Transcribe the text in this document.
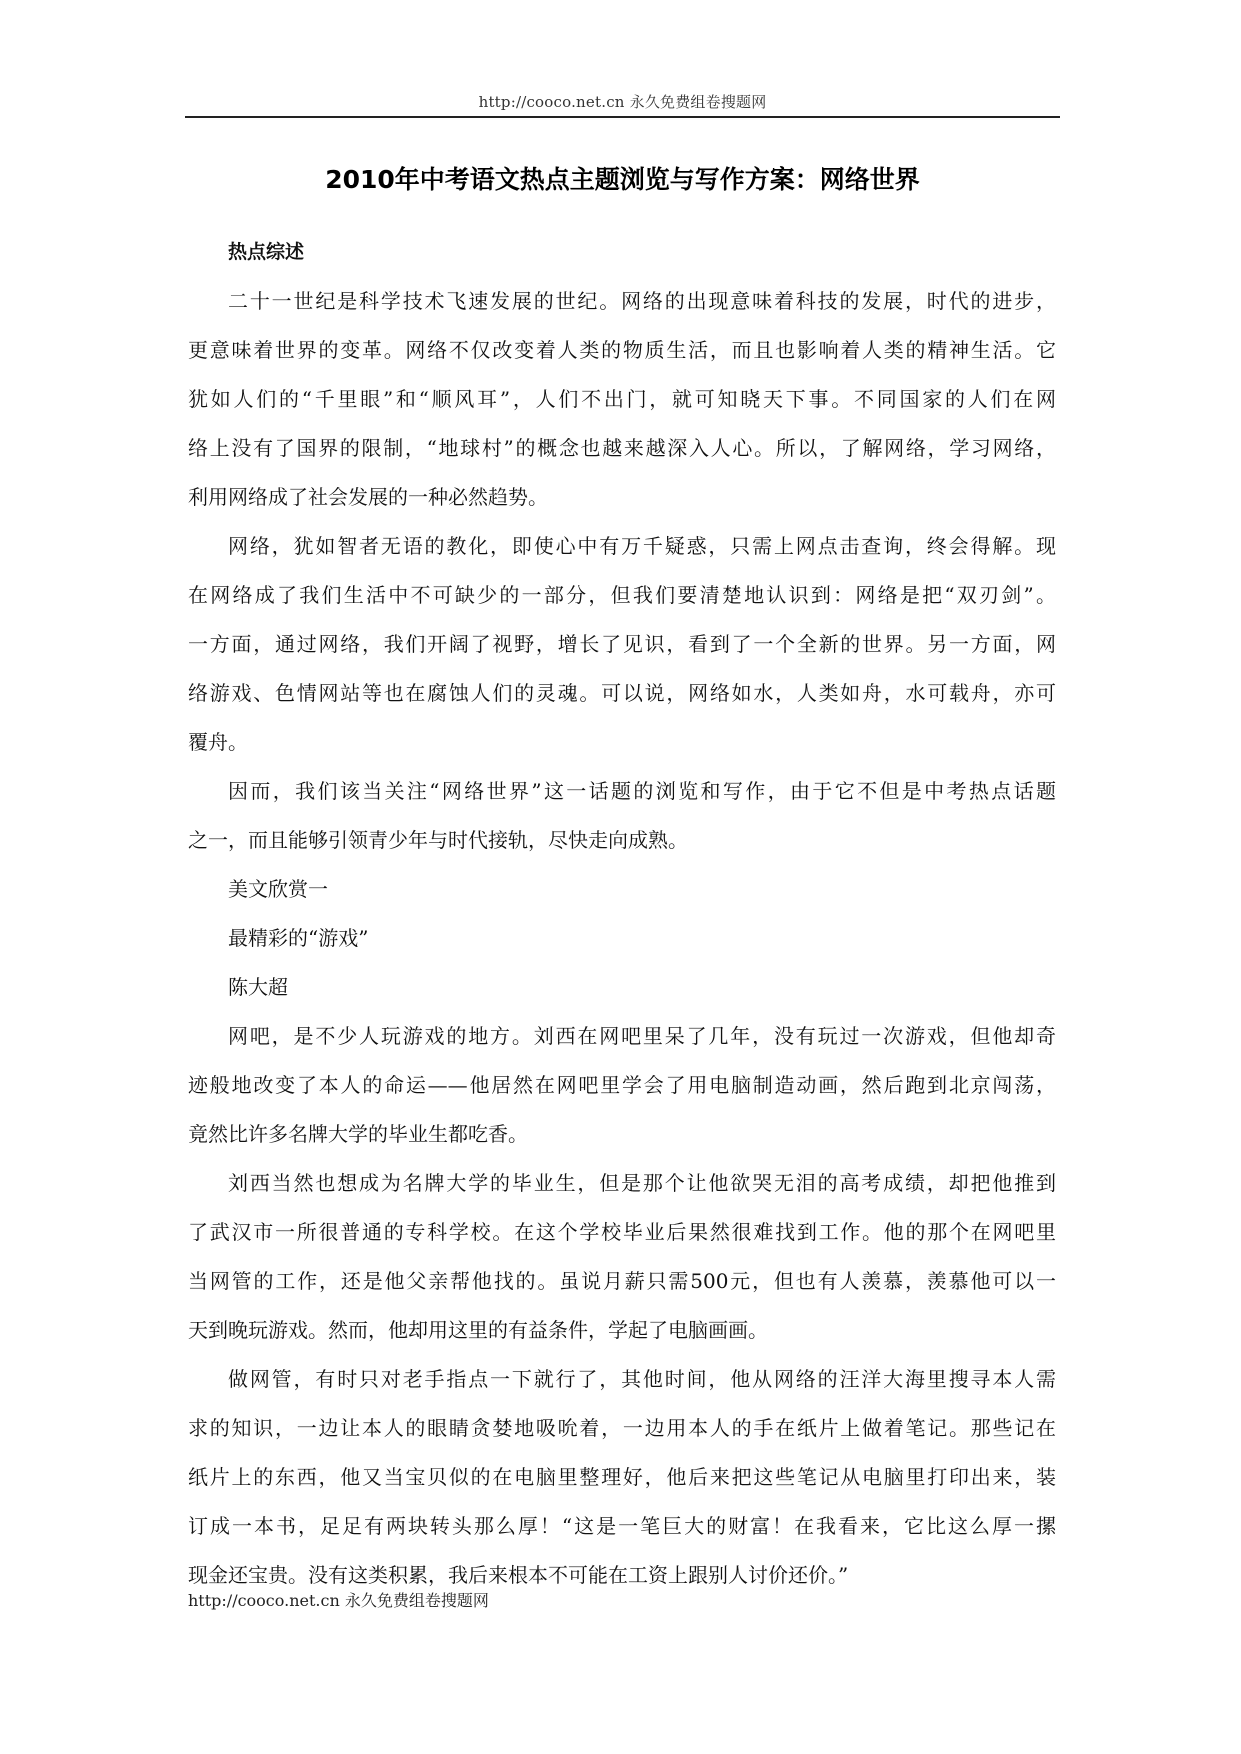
http://cooco.net.cn 永久免费组卷搜题网
2010年中考语文热点主题浏览与写作方案：网络世界
热点综述
二十一世纪是科学技术飞速发展的世纪。网络的出现意味着科技的发展，时代的进步，
更意味着世界的变革。网络不仅改变着人类的物质生活，而且也影响着人类的精神生活。它
犹如人们的“千里眼”和“顺风耳”，人们不出门，就可知晓天下事。不同国家的人们在网
络上没有了国界的限制，“地球村”的概念也越来越深入人心。所以，了解网络，学习网络，
利用网络成了社会发展的一种必然趋势。
网络，犹如智者无语的教化，即使心中有万千疑惑，只需上网点击查询，终会得解。现
在网络成了我们生活中不可缺少的一部分，但我们要清楚地认识到：网络是把“双刃剑”。
一方面，通过网络，我们开阔了视野，增长了见识，看到了一个全新的世界。另一方面，网
络游戏、色情网站等也在腐蚀人们的灵魂。可以说，网络如水，人类如舟，水可载舟，亦可
覆舟。
因而，我们该当关注“网络世界”这一话题的浏览和写作，由于它不但是中考热点话题
之一，而且能够引领青少年与时代接轨，尽快走向成熟。
美文欣赏一
最精彩的“游戏”
陈大超
网吧，是不少人玩游戏的地方。刘西在网吧里呆了几年，没有玩过一次游戏，但他却奇
迹般地改变了本人的命运——他居然在网吧里学会了用电脑制造动画，然后跑到北京闯荡，
竟然比许多名牌大学的毕业生都吃香。
刘西当然也想成为名牌大学的毕业生，但是那个让他欲哭无泪的高考成绩，却把他推到
了武汉市一所很普通的专科学校。在这个学校毕业后果然很难找到工作。他的那个在网吧里
当网管的工作，还是他父亲帮他找的。虽说月薪只需500元，但也有人羡慕，羡慕他可以一
天到晚玩游戏。然而，他却用这里的有益条件，学起了电脑画画。
做网管，有时只对老手指点一下就行了，其他时间，他从网络的汪洋大海里搜寻本人需
求的知识，一边让本人的眼睛贪婪地吸吮着，一边用本人的手在纸片上做着笔记。那些记在
纸片上的东西，他又当宝贝似的在电脑里整理好，他后来把这些笔记从电脑里打印出来，装
订成一本书，足足有两块转头那么厚！“这是一笔巨大的财富！在我看来，它比这么厚一摞
现金还宝贵。没有这类积累，我后来根本不可能在工资上跟别人讨价还价。”
http://cooco.net.cn 永久免费组卷搜题网
